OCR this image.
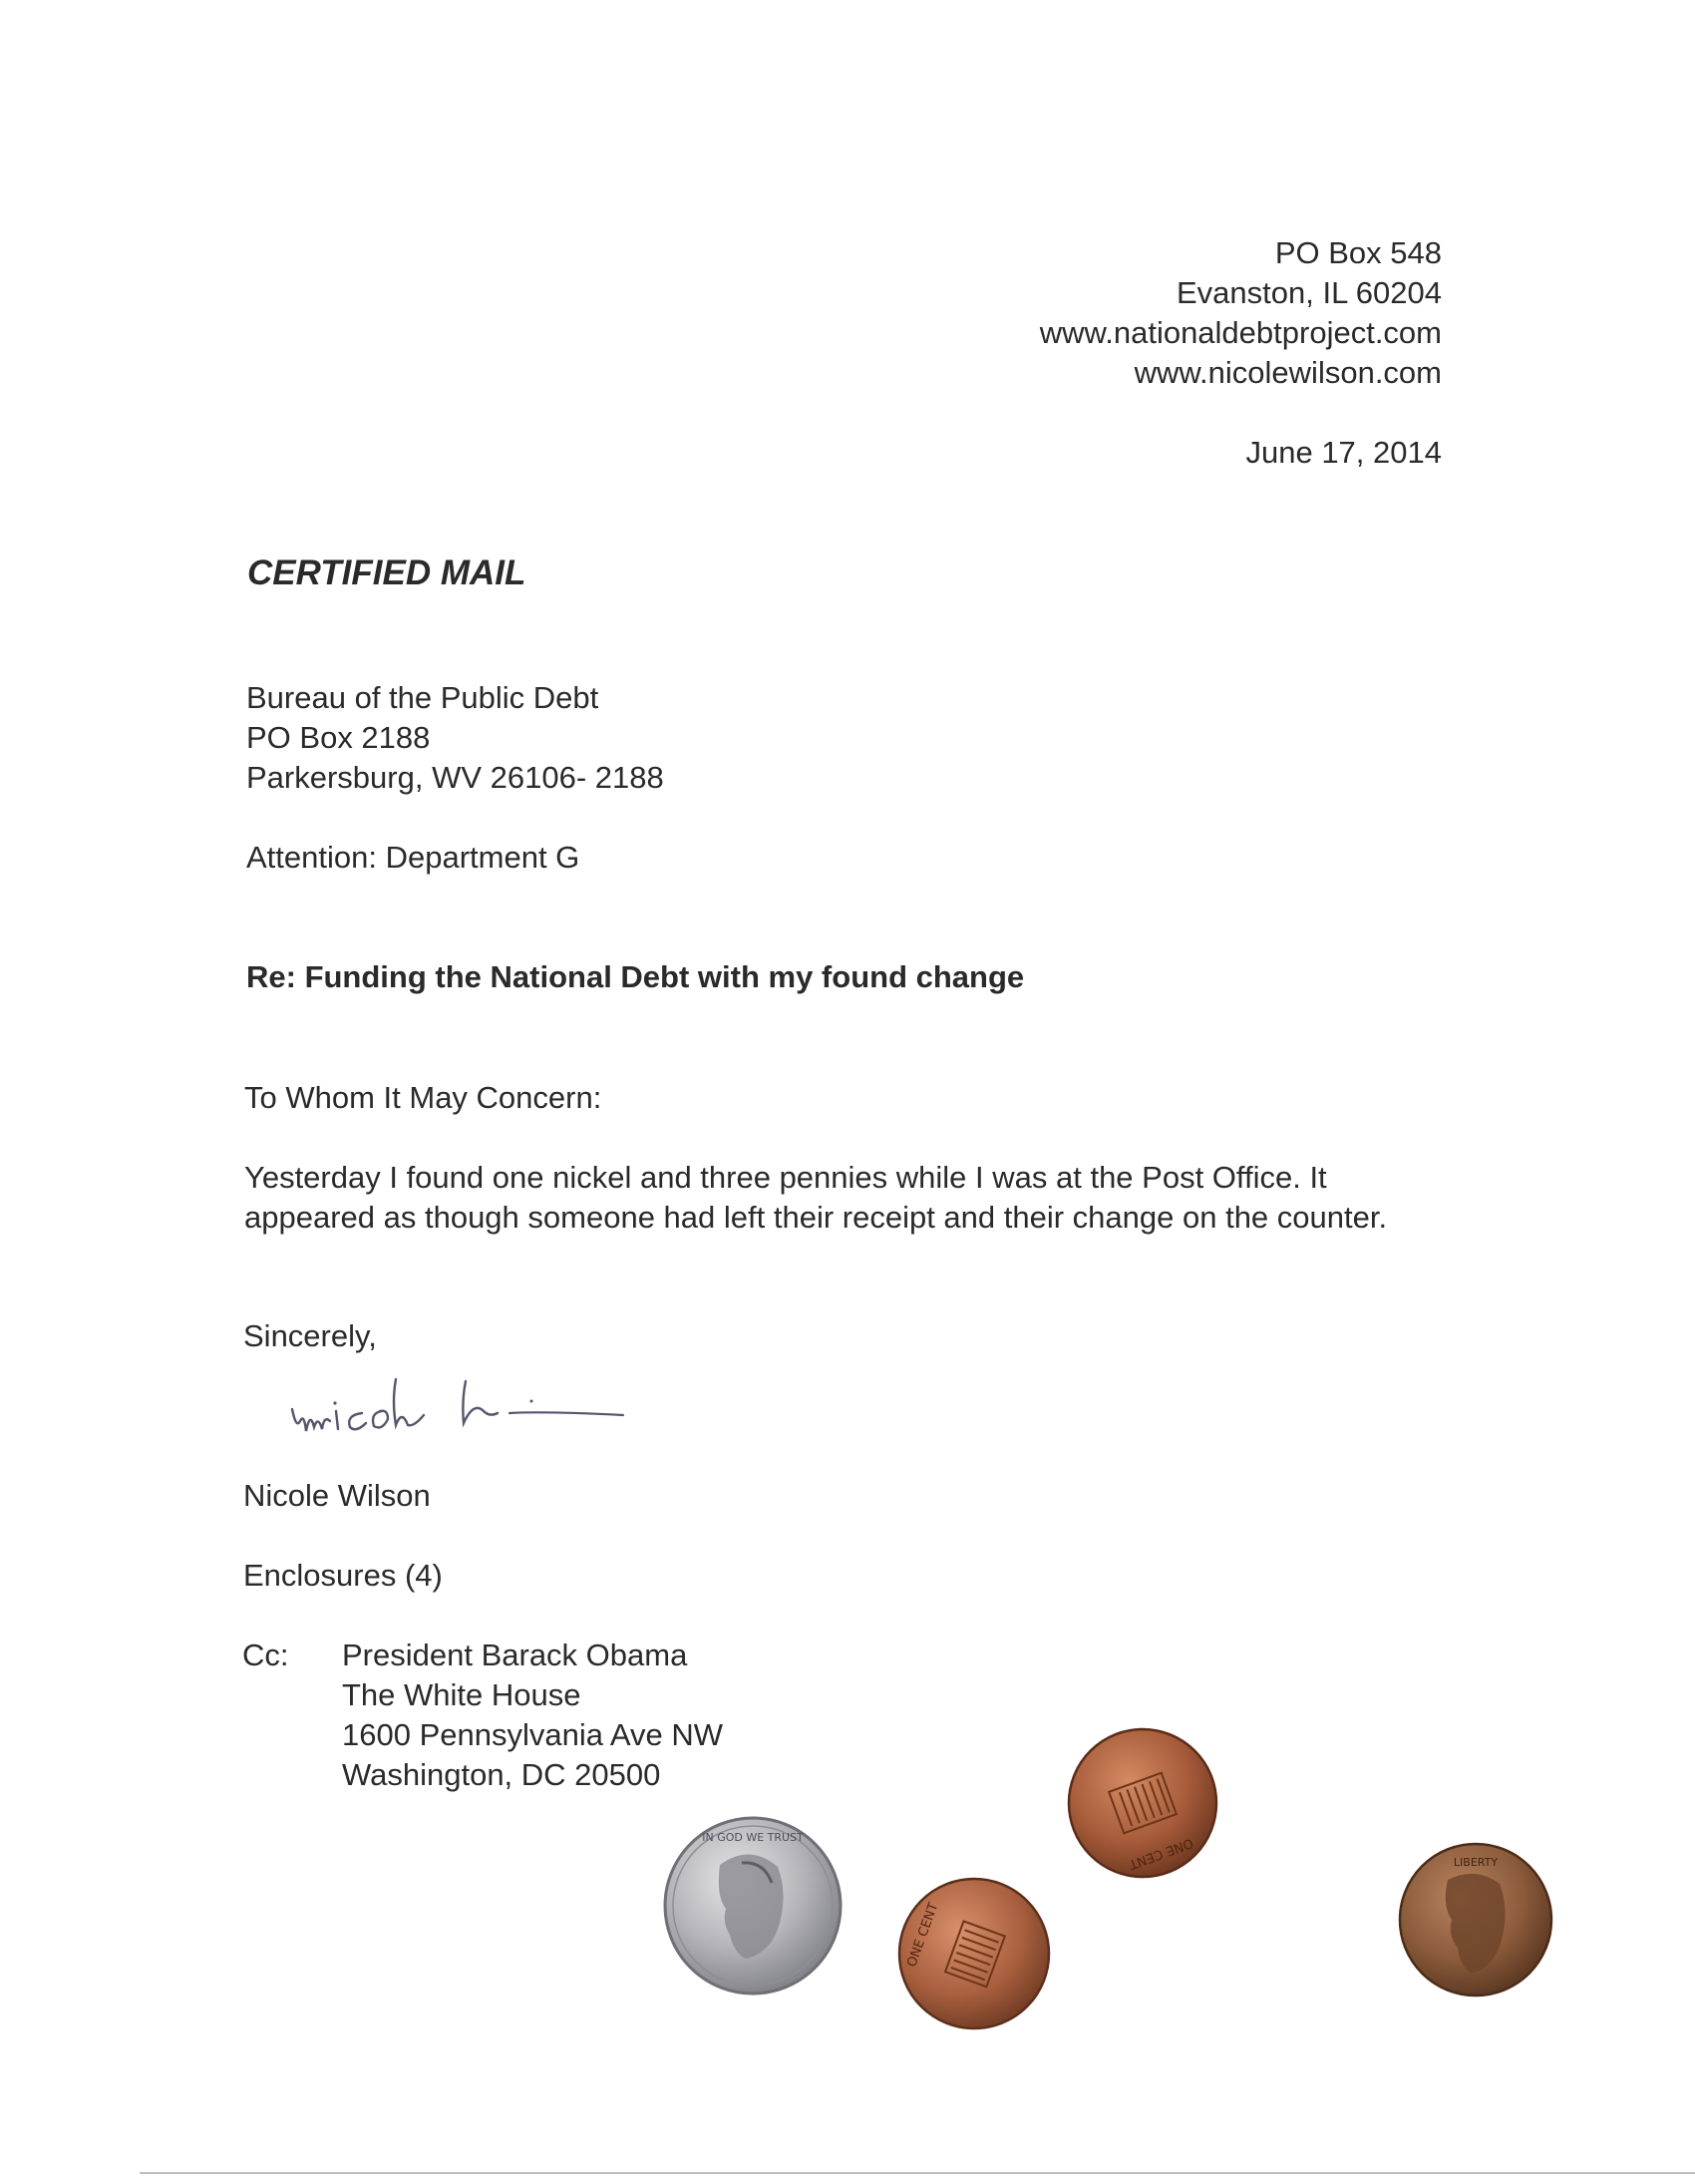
PO Box 548
Evanston, IL 60204
www.nationaldebtproject.com
www.nicolewilson.com
June 17, 2014
CERTIFIED MAIL
Bureau of the Public Debt
PO Box 2188
Parkersburg, WV 26106- 2188
Attention: Department G
Re: Funding the National Debt with my found change
To Whom It May Concern:
Yesterday I found one nickel and three pennies while I was at the Post Office. It appeared as though someone had left their receipt and their change on the counter.
Sincerely,
Nicole Wilson
Enclosures (4)
Cc: President Barack Obama
The White House
1600 Pennsylvania Ave NW
Washington, DC 20500
IN GOD WE TRUST
ONE CENT
ONE CENT	LIBERTY
